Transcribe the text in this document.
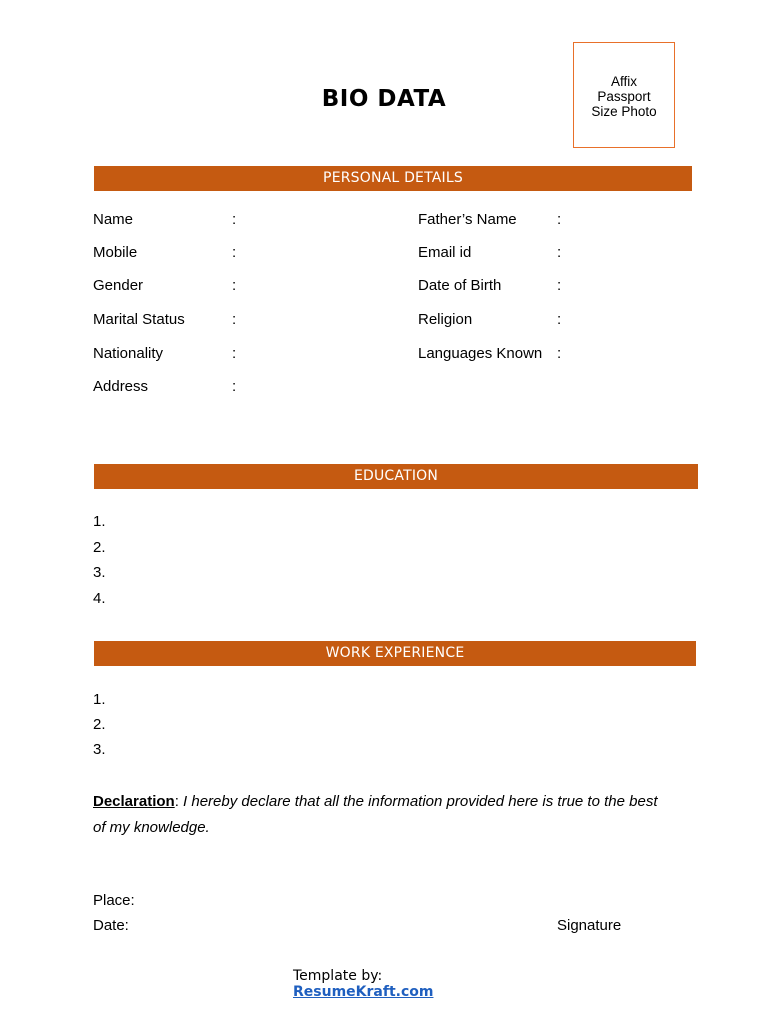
BIO DATA
Affix
Passport
Size Photo
PERSONAL DETAILS
Name	:	Father’s Name	:
Mobile	:	Email id	:
Gender	:	Date of Birth	:
Marital Status	:	Religion	:
Nationality	:	Languages Known :
Address	:
EDUCATION
1.
2.
3.
4.
WORK EXPERIENCE
1.
2.
3.
Declaration: I hereby declare that all the information provided here is true to the best of my knowledge.
Place:
Date:	Signature
Template by:
ResumeKraft.com
